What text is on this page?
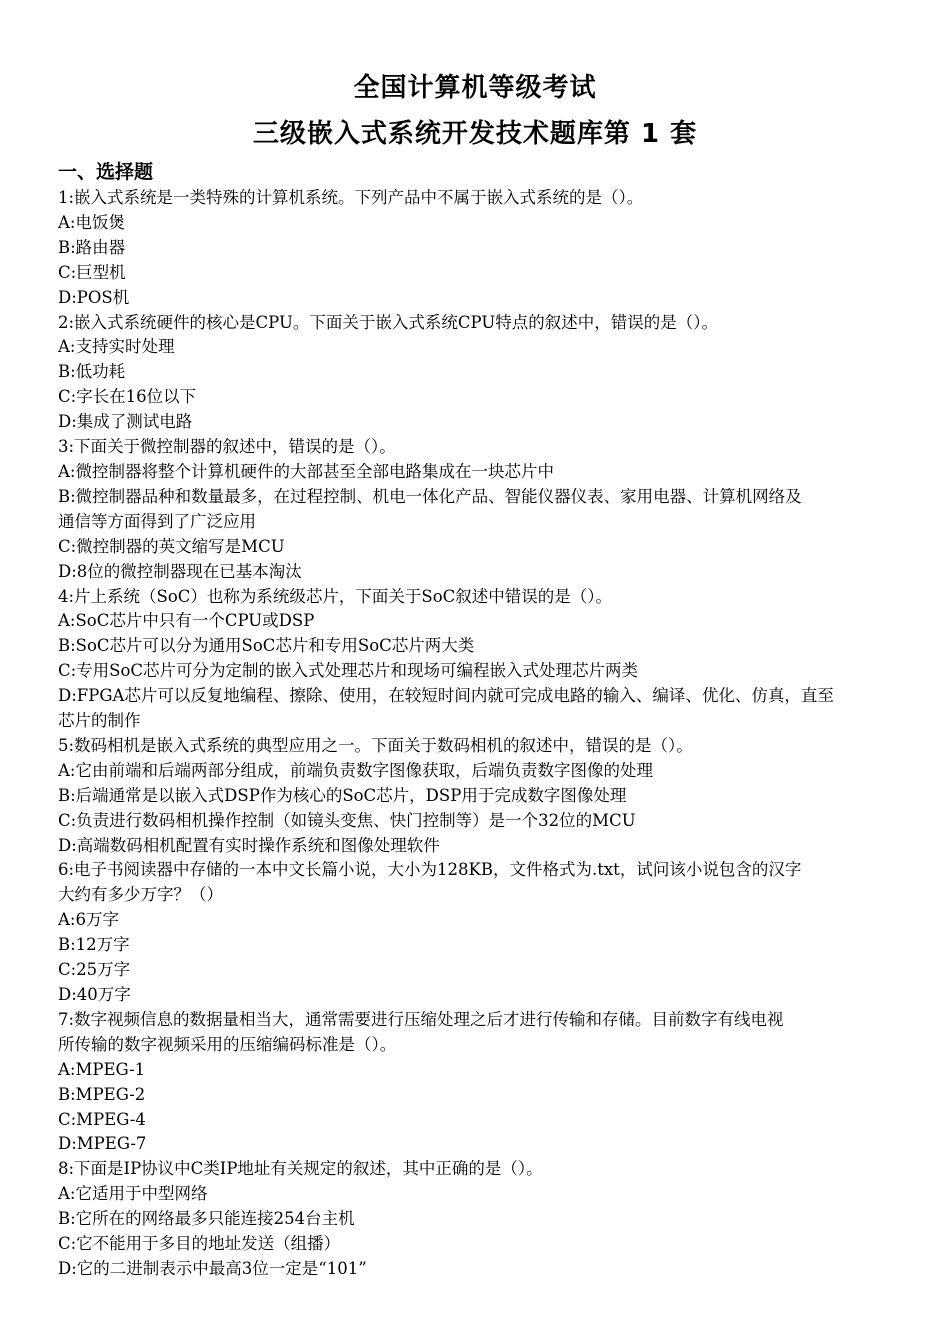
全国计算机等级考试
三级嵌入式系统开发技术题库第 1 套
一、选择题
1:嵌入式系统是一类特殊的计算机系统。下列产品中不属于嵌入式系统的是（）。
A:电饭煲
B:路由器
C:巨型机
D:POS机
2:嵌入式系统硬件的核心是CPU。下面关于嵌入式系统CPU特点的叙述中，错误的是（）。
A:支持实时处理
B:低功耗
C:字长在16位以下
D:集成了测试电路
3:下面关于微控制器的叙述中，错误的是（）。
A:微控制器将整个计算机硬件的大部甚至全部电路集成在一块芯片中
B:微控制器品种和数量最多，在过程控制、机电一体化产品、智能仪器仪表、家用电器、计算机网络及
通信等方面得到了广泛应用
C:微控制器的英文缩写是MCU
D:8位的微控制器现在已基本淘汰
4:片上系统（SoC）也称为系统级芯片，下面关于SoC叙述中错误的是（）。
A:SoC芯片中只有一个CPU或DSP
B:SoC芯片可以分为通用SoC芯片和专用SoC芯片两大类
C:专用SoC芯片可分为定制的嵌入式处理芯片和现场可编程嵌入式处理芯片两类
D:FPGA芯片可以反复地编程、擦除、使用，在较短时间内就可完成电路的输入、编译、优化、仿真，直至
芯片的制作
5:数码相机是嵌入式系统的典型应用之一。下面关于数码相机的叙述中，错误的是（）。
A:它由前端和后端两部分组成，前端负责数字图像获取，后端负责数字图像的处理
B:后端通常是以嵌入式DSP作为核心的SoC芯片，DSP用于完成数字图像处理
C:负责进行数码相机操作控制（如镜头变焦、快门控制等）是一个32位的MCU
D:高端数码相机配置有实时操作系统和图像处理软件
6:电子书阅读器中存储的一本中文长篇小说，大小为128KB，文件格式为.txt，试问该小说包含的汉字
大约有多少万字？（）
A:6万字
B:12万字
C:25万字
D:40万字
7:数字视频信息的数据量相当大，通常需要进行压缩处理之后才进行传输和存储。目前数字有线电视
所传输的数字视频采用的压缩编码标准是（）。
A:MPEG-1
B:MPEG-2
C:MPEG-4
D:MPEG-7
8:下面是IP协议中C类IP地址有关规定的叙述，其中正确的是（）。
A:它适用于中型网络
B:它所在的网络最多只能连接254台主机
C:它不能用于多目的地址发送（组播）
D:它的二进制表示中最高3位一定是“101”
